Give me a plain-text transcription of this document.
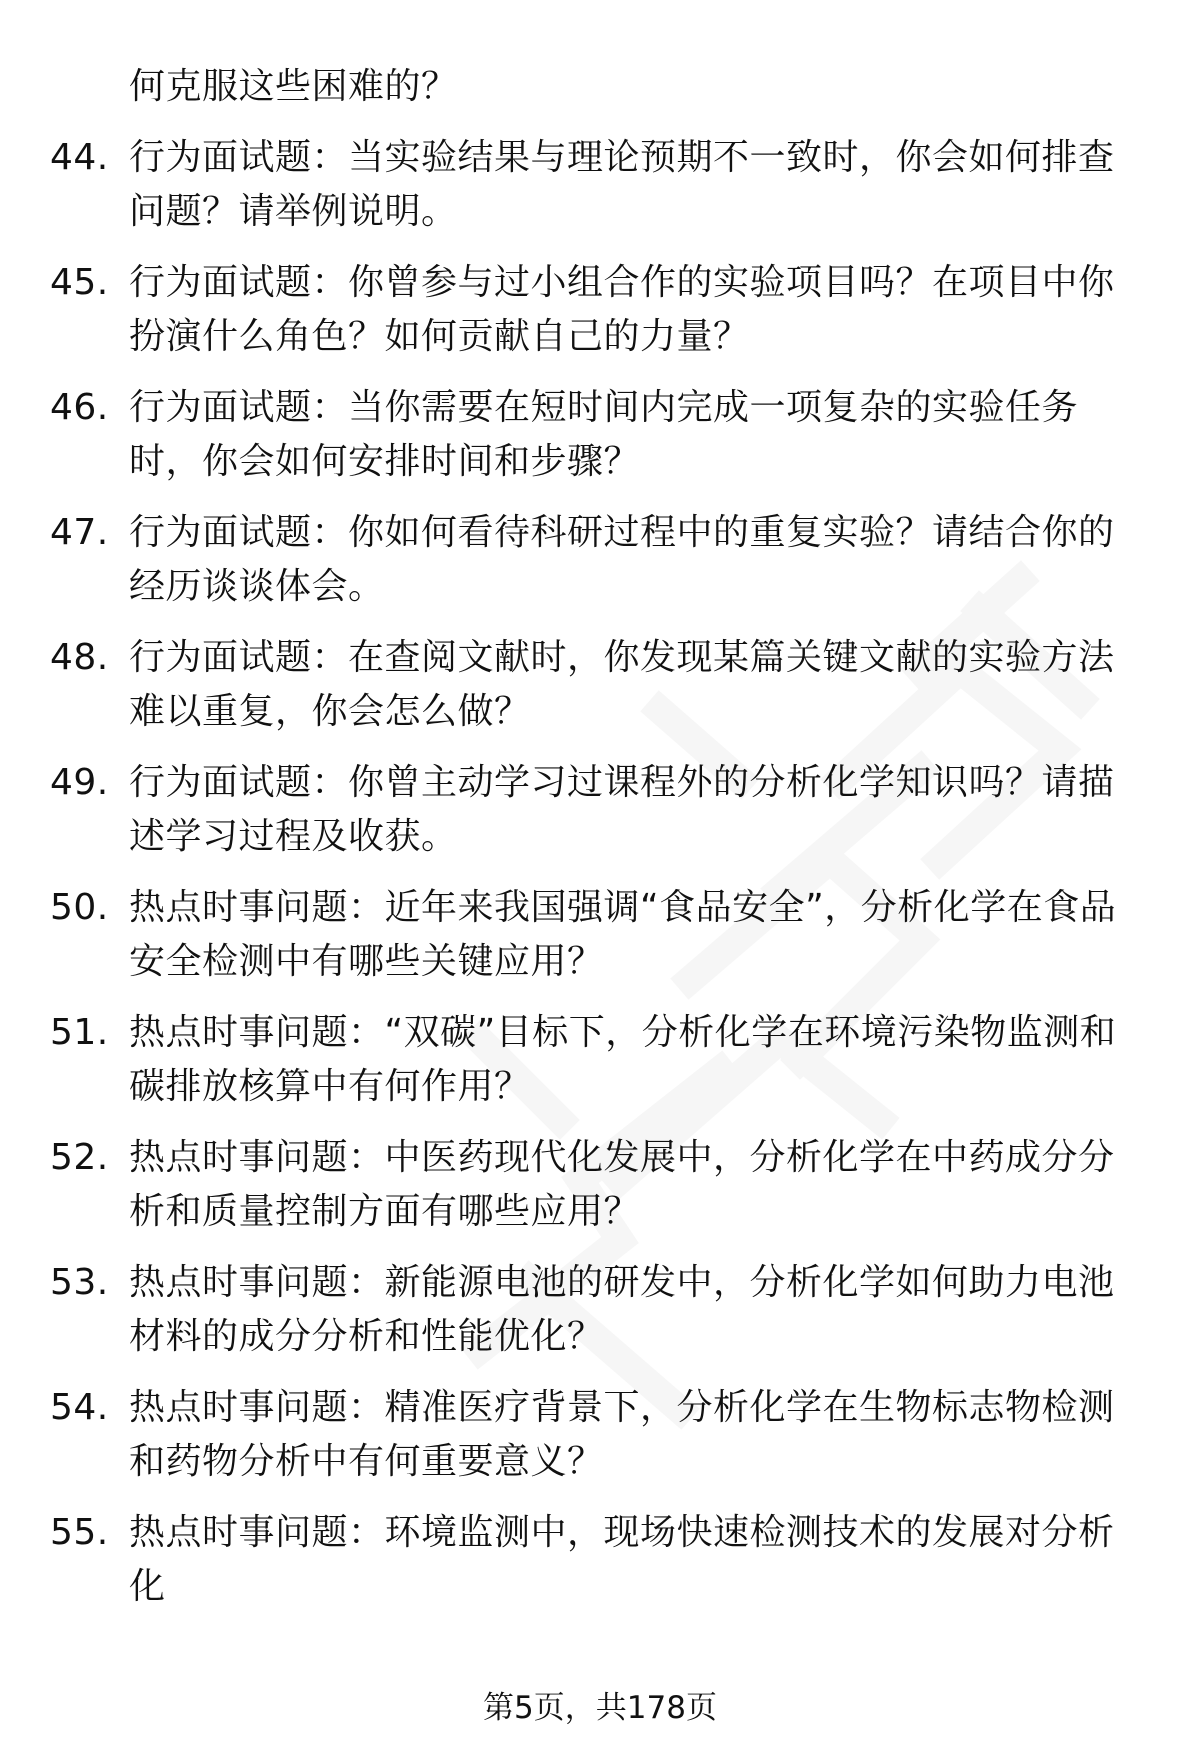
何克服这些困难的？
44. 行为面试题：当实验结果与理论预期不一致时，你会如何排查问题？请举例说明。
45. 行为面试题：你曾参与过小组合作的实验项目吗？在项目中你扮演什么角色？如何贡献自己的力量？
46. 行为面试题：当你需要在短时间内完成一项复杂的实验任务时，你会如何安排时间和步骤？
47. 行为面试题：你如何看待科研过程中的重复实验？请结合你的经历谈谈体会。
48. 行为面试题：在查阅文献时，你发现某篇关键文献的实验方法难以重复，你会怎么做？
49. 行为面试题：你曾主动学习过课程外的分析化学知识吗？请描述学习过程及收获。
50. 热点时事问题：近年来我国强调“食品安全”，分析化学在食品安全检测中有哪些关键应用？
51. 热点时事问题：“双碳”目标下，分析化学在环境污染物监测和碳排放核算中有何作用？
52. 热点时事问题：中医药现代化发展中，分析化学在中药成分分析和质量控制方面有哪些应用？
53. 热点时事问题：新能源电池的研发中，分析化学如何助力电池材料的成分分析和性能优化？
54. 热点时事问题：精准医疗背景下，分析化学在生物标志物检测和药物分析中有何重要意义？
55. 热点时事问题：环境监测中，现场快速检测技术的发展对分析化
第5页，共178页
